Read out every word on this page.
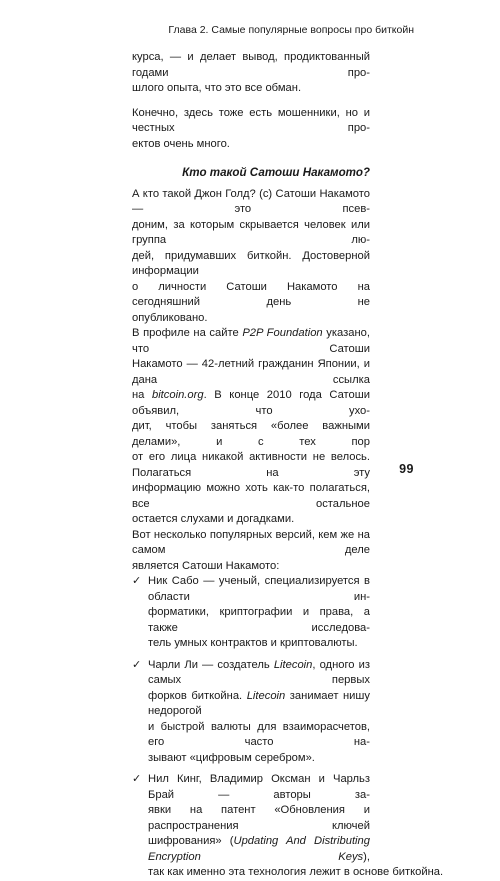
Глава 2. Самые популярные вопросы про биткойн
курса, — и делает вывод, продиктованный годами про-
шлого опыта, что это все обман.
Конечно, здесь тоже есть мошенники, но и честных про-
ектов очень много.
Кто такой Сатоши Накамото?
А кто такой Джон Голд? (с) Сатоши Накамото — это псев-
доним, за которым скрывается человек или группа лю-
дей, придумавших биткойн. Достоверной информации
о личности Сатоши Накамото на сегодняшний день не
опубликовано.
В профиле на сайте P2P Foundation указано, что Сатоши
Накамото — 42-летний гражданин Японии, и дана ссылка
на bitcoin.org. В конце 2010 года Сатоши объявил, что ухо-
дит, чтобы заняться «более важными делами», и с тех пор
от его лица никакой активности не велось. Полагаться на эту
информацию можно хоть как-то полагаться, все остальное
остается слухами и догадками.
Вот несколько популярных версий, кем же на самом деле
является Сатоши Накамото:
✓ Ник Сабо — ученый, специализируется в области ин-
форматики, криптографии и права, а также исследова-
тель умных контрактов и криптовалюты.
✓ Чарли Ли — создатель Litecoin, одного из самых первых
форков биткойна. Litecoin занимает нишу недорогой
и быстрой валюты для взаиморасчетов, его часто на-
зывают «цифровым серебром».
✓ Нил Кинг, Владимир Оксман и Чарльз Брай — авторы за-
явки на патент «Обновления и распространения ключей
шифрования» (Updating And Distributing Encryption Keys),
так как именно эта технология лежит в основе биткойна.
99
